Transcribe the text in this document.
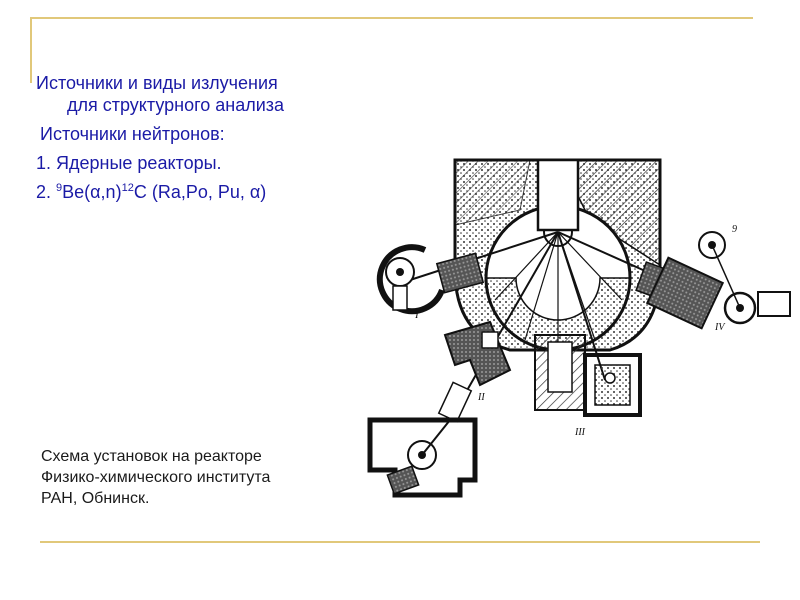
Источники и виды излучения
для структурного анализа
Источники нейтронов:
1. Ядерные реакторы.
2. $^9Be(\alpha,n)^{12}C$ (Ra,Po, Pu, α)
Схема установок на реакторе
Физико-химического института
РАН, Обнинск.
I
9
IV
II
III
